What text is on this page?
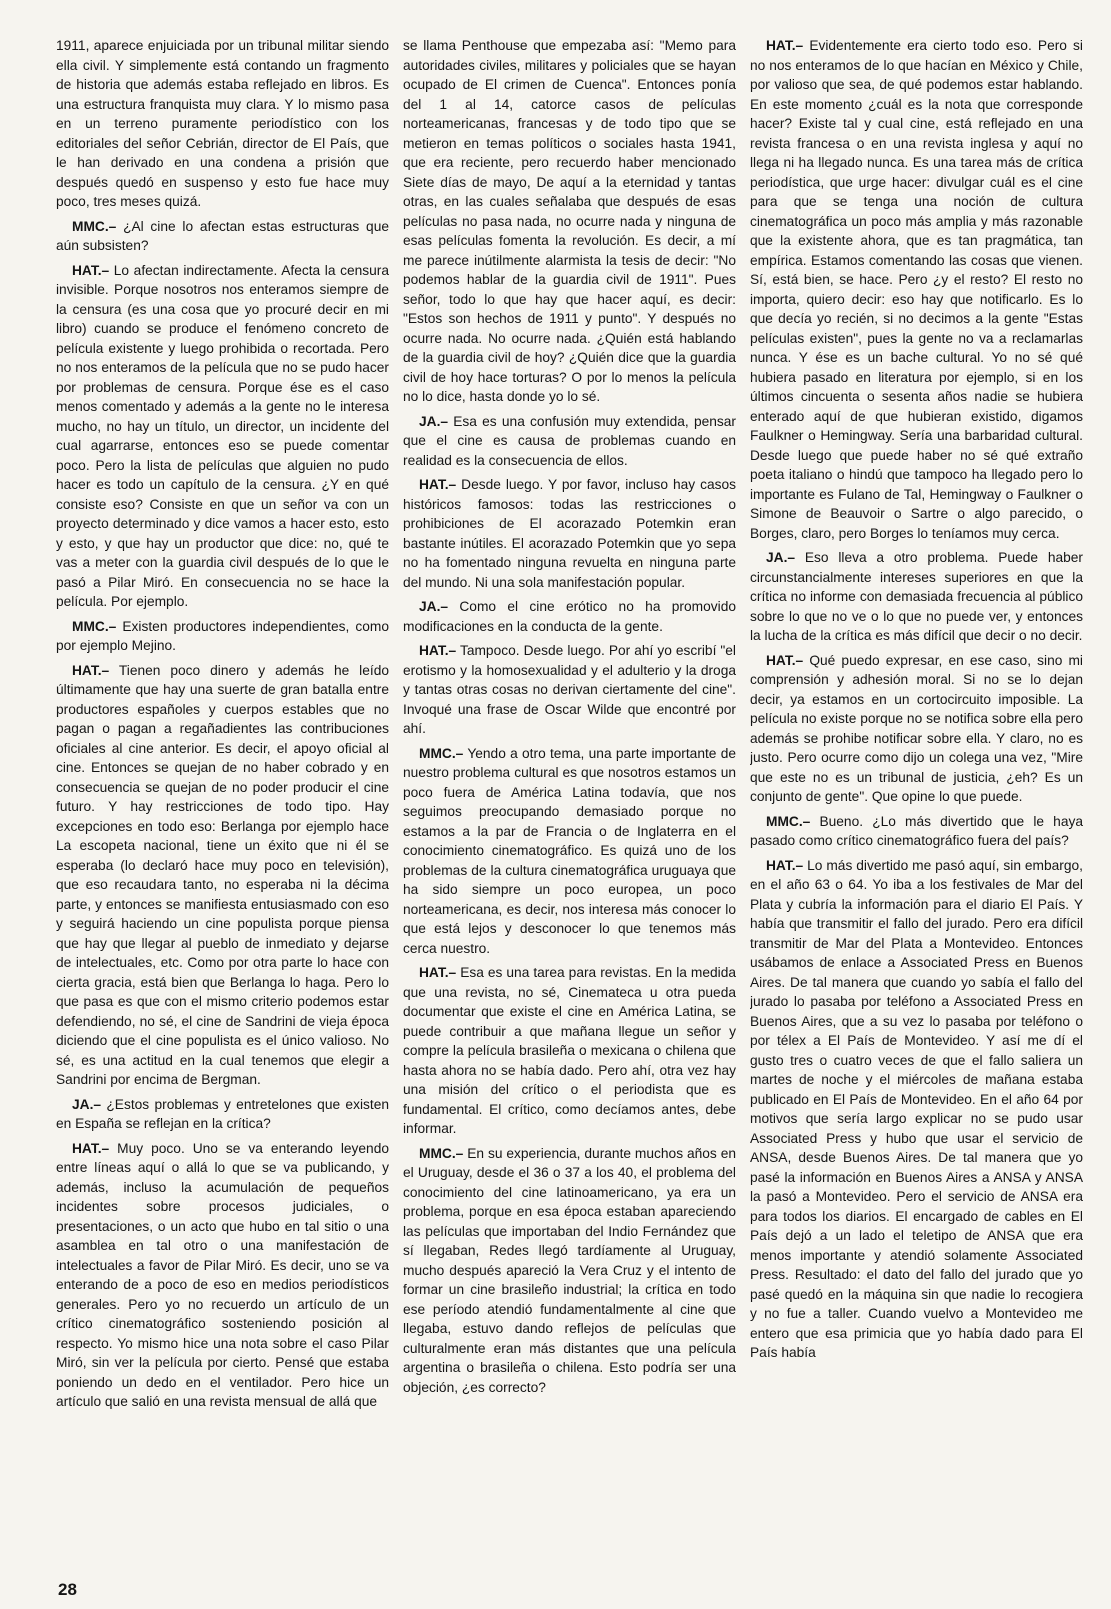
1911, aparece enjuiciada por un tribunal militar siendo ella civil. Y simplemente está contando un fragmento de historia que además estaba reflejado en libros. Es una estructura franquista muy clara. Y lo mismo pasa en un terreno puramente periodístico con los editoriales del señor Cebrián, director de El País, que le han derivado en una condena a prisión que después quedó en suspenso y esto fue hace muy poco, tres meses quizá.

MMC.– ¿Al cine lo afectan estas estructuras que aún subsisten?

HAT.– Lo afectan indirectamente. Afecta la censura invisible. Porque nosotros nos enteramos siempre de la censura (es una cosa que yo procuré decir en mi libro) cuando se produce el fenómeno concreto de película existente y luego prohibida o recortada. Pero no nos enteramos de la película que no se pudo hacer por problemas de censura. Porque ése es el caso menos comentado y además a la gente no le interesa mucho, no hay un título, un director, un incidente del cual agarrarse, entonces eso se puede comentar poco. Pero la lista de películas que alguien no pudo hacer es todo un capítulo de la censura. ¿Y en qué consiste eso? Consiste en que un señor va con un proyecto determinado y dice vamos a hacer esto, esto y esto, y que hay un productor que dice: no, qué te vas a meter con la guardia civil después de lo que le pasó a Pilar Miró. En consecuencia no se hace la película. Por ejemplo.

MMC.– Existen productores independientes, como por ejemplo Mejino.

HAT.– Tienen poco dinero y además he leído últimamente que hay una suerte de gran batalla entre productores españoles y cuerpos estables que no pagan o pagan a regañadientes las contribuciones oficiales al cine anterior. Es decir, el apoyo oficial al cine. Entonces se quejan de no haber cobrado y en consecuencia se quejan de no poder producir el cine futuro. Y hay restricciones de todo tipo. Hay excepciones en todo eso: Berlanga por ejemplo hace La escopeta nacional, tiene un éxito que ni él se esperaba (lo declaró hace muy poco en televisión), que eso recaudara tanto, no esperaba ni la décima parte, y entonces se manifiesta entusiasmado con eso y seguirá haciendo un cine populista porque piensa que hay que llegar al pueblo de inmediato y dejarse de intelectuales, etc. Como por otra parte lo hace con cierta gracia, está bien que Berlanga lo haga. Pero lo que pasa es que con el mismo criterio podemos estar defendiendo, no sé, el cine de Sandrini de vieja época diciendo que el cine populista es el único valioso. No sé, es una actitud en la cual tenemos que elegir a Sandrini por encima de Bergman.

JA.– ¿Estos problemas y entretelones que existen en España se reflejan en la crítica?

HAT.– Muy poco. Uno se va enterando leyendo entre líneas aquí o allá lo que se va publicando, y además, incluso la acumulación de pequeños incidentes sobre procesos judiciales, o presentaciones, o un acto que hubo en tal sitio o una asamblea en tal otro o una manifestación de intelectuales a favor de Pilar Miró. Es decir, uno se va enterando de a poco de eso en medios periodísticos generales. Pero yo no recuerdo un artículo de un crítico cinematográfico sosteniendo posición al respecto. Yo mismo hice una nota sobre el caso Pilar Miró, sin ver la película por cierto. Pensé que estaba poniendo un dedo en el ventilador. Pero hice un artículo que salió en una revista mensual de allá que

se llama Penthouse que empezaba así: "Memo para autoridades civiles, militares y policiales que se hayan ocupado de El crimen de Cuenca". Entonces ponía del 1 al 14, catorce casos de películas norteamericanas, francesas y de todo tipo que se metieron en temas políticos o sociales hasta 1941, que era reciente, pero recuerdo haber mencionado Siete días de mayo, De aquí a la eternidad y tantas otras, en las cuales señalaba que después de esas películas no pasa nada, no ocurre nada y ninguna de esas películas fomenta la revolución. Es decir, a mí me parece inútilmente alarmista la tesis de decir: "No podemos hablar de la guardia civil de 1911". Pues señor, todo lo que hay que hacer aquí, es decir: "Estos son hechos de 1911 y punto". Y después no ocurre nada. No ocurre nada. ¿Quién está hablando de la guardia civil de hoy? ¿Quién dice que la guardia civil de hoy hace torturas? O por lo menos la película no lo dice, hasta donde yo lo sé.

JA.– Esa es una confusión muy extendida, pensar que el cine es causa de problemas cuando en realidad es la consecuencia de ellos.

HAT.– Desde luego. Y por favor, incluso hay casos históricos famosos: todas las restricciones o prohibiciones de El acorazado Potemkin eran bastante inútiles. El acorazado Potemkin que yo sepa no ha fomentado ninguna revuelta en ninguna parte del mundo. Ni una sola manifestación popular.

JA.– Como el cine erótico no ha promovido modificaciones en la conducta de la gente.

HAT.– Tampoco. Desde luego. Por ahí yo escribí "el erotismo y la homosexualidad y el adulterio y la droga y tantas otras cosas no derivan ciertamente del cine". Invoqué una frase de Oscar Wilde que encontré por ahí.

MMC.– Yendo a otro tema, una parte importante de nuestro problema cultural es que nosotros estamos un poco fuera de América Latina todavía, que nos seguimos preocupando demasiado porque no estamos a la par de Francia o de Inglaterra en el conocimiento cinematográfico. Es quizá uno de los problemas de la cultura cinematográfica uruguaya que ha sido siempre un poco europea, un poco norteamericana, es decir, nos interesa más conocer lo que está lejos y desconocer lo que tenemos más cerca nuestro.

HAT.– Esa es una tarea para revistas. En la medida que una revista, no sé, Cinemateca u otra pueda documentar que existe el cine en América Latina, se puede contribuir a que mañana llegue un señor y compre la película brasileña o mexicana o chilena que hasta ahora no se había dado. Pero ahí, otra vez hay una misión del crítico o el periodista que es fundamental. El crítico, como decíamos antes, debe informar.

MMC.– En su experiencia, durante muchos años en el Uruguay, desde el 36 o 37 a los 40, el problema del conocimiento del cine latinoamericano, ya era un problema, porque en esa época estaban apareciendo las películas que importaban del Indio Fernández que sí llegaban, Redes llegó tardíamente al Uruguay, mucho después apareció la Vera Cruz y el intento de formar un cine brasileño industrial; la crítica en todo ese período atendió fundamentalmente al cine que llegaba, estuvo dando reflejos de películas que culturalmente eran más distantes que una película argentina o brasileña o chilena. Esto podría ser una objeción, ¿es correcto?

HAT.– Evidentemente era cierto todo eso. Pero si no nos enteramos de lo que hacían en México y Chile, por valioso que sea, de qué podemos estar hablando. En este momento ¿cuál es la nota que corresponde hacer? Existe tal y cual cine, está reflejado en una revista francesa o en una revista inglesa y aquí no llega ni ha llegado nunca. Es una tarea más de crítica periodística, que urge hacer: divulgar cuál es el cine para que se tenga una noción de cultura cinematográfica un poco más amplia y más razonable que la existente ahora, que es tan pragmática, tan empírica. Estamos comentando las cosas que vienen. Sí, está bien, se hace. Pero ¿y el resto? El resto no importa, quiero decir: eso hay que notificarlo. Es lo que decía yo recién, si no decimos a la gente "Estas películas existen", pues la gente no va a reclamarlas nunca. Y ése es un bache cultural. Yo no sé qué hubiera pasado en literatura por ejemplo, si en los últimos cincuenta o sesenta años nadie se hubiera enterado aquí de que hubieran existido, digamos Faulkner o Hemingway. Sería una barbaridad cultural. Desde luego que puede haber no sé qué extraño poeta italiano o hindú que tampoco ha llegado pero lo importante es Fulano de Tal, Hemingway o Faulkner o Simone de Beauvoir o Sartre o algo parecido, o Borges, claro, pero Borges lo teníamos muy cerca.

JA.– Eso lleva a otro problema. Puede haber circunstancialmente intereses superiores en que la crítica no informe con demasiada frecuencia al público sobre lo que no ve o lo que no puede ver, y entonces la lucha de la crítica es más difícil que decir o no decir.

HAT.– Qué puedo expresar, en ese caso, sino mi comprensión y adhesión moral. Si no se lo dejan decir, ya estamos en un cortocircuito imposible. La película no existe porque no se notifica sobre ella pero además se prohibe notificar sobre ella. Y claro, no es justo. Pero ocurre como dijo un colega una vez, "Mire que este no es un tribunal de justicia, ¿eh? Es un conjunto de gente". Que opine lo que puede.

MMC.– Bueno. ¿Lo más divertido que le haya pasado como crítico cinematográfico fuera del país?

HAT.– Lo más divertido me pasó aquí, sin embargo, en el año 63 o 64. Yo iba a los festivales de Mar del Plata y cubría la información para el diario El País. Y había que transmitir el fallo del jurado. Pero era difícil transmitir de Mar del Plata a Montevideo. Entonces usábamos de enlace a Associated Press en Buenos Aires. De tal manera que cuando yo sabía el fallo del jurado lo pasaba por teléfono a Associated Press en Buenos Aires, que a su vez lo pasaba por teléfono o por télex a El País de Montevideo. Y así me dí el gusto tres o cuatro veces de que el fallo saliera un martes de noche y el miércoles de mañana estaba publicado en El País de Montevideo. En el año 64 por motivos que sería largo explicar no se pudo usar Associated Press y hubo que usar el servicio de ANSA, desde Buenos Aires. De tal manera que yo pasé la información en Buenos Aires a ANSA y ANSA la pasó a Montevideo. Pero el servicio de ANSA era para todos los diarios. El encargado de cables en El País dejó a un lado el teletipo de ANSA que era menos importante y atendió solamente Associated Press. Resultado: el dato del fallo del jurado que yo pasé quedó en la máquina sin que nadie lo recogiera y no fue a taller. Cuando vuelvo a Montevideo me entero que esa primicia que yo había dado para El País había

28
